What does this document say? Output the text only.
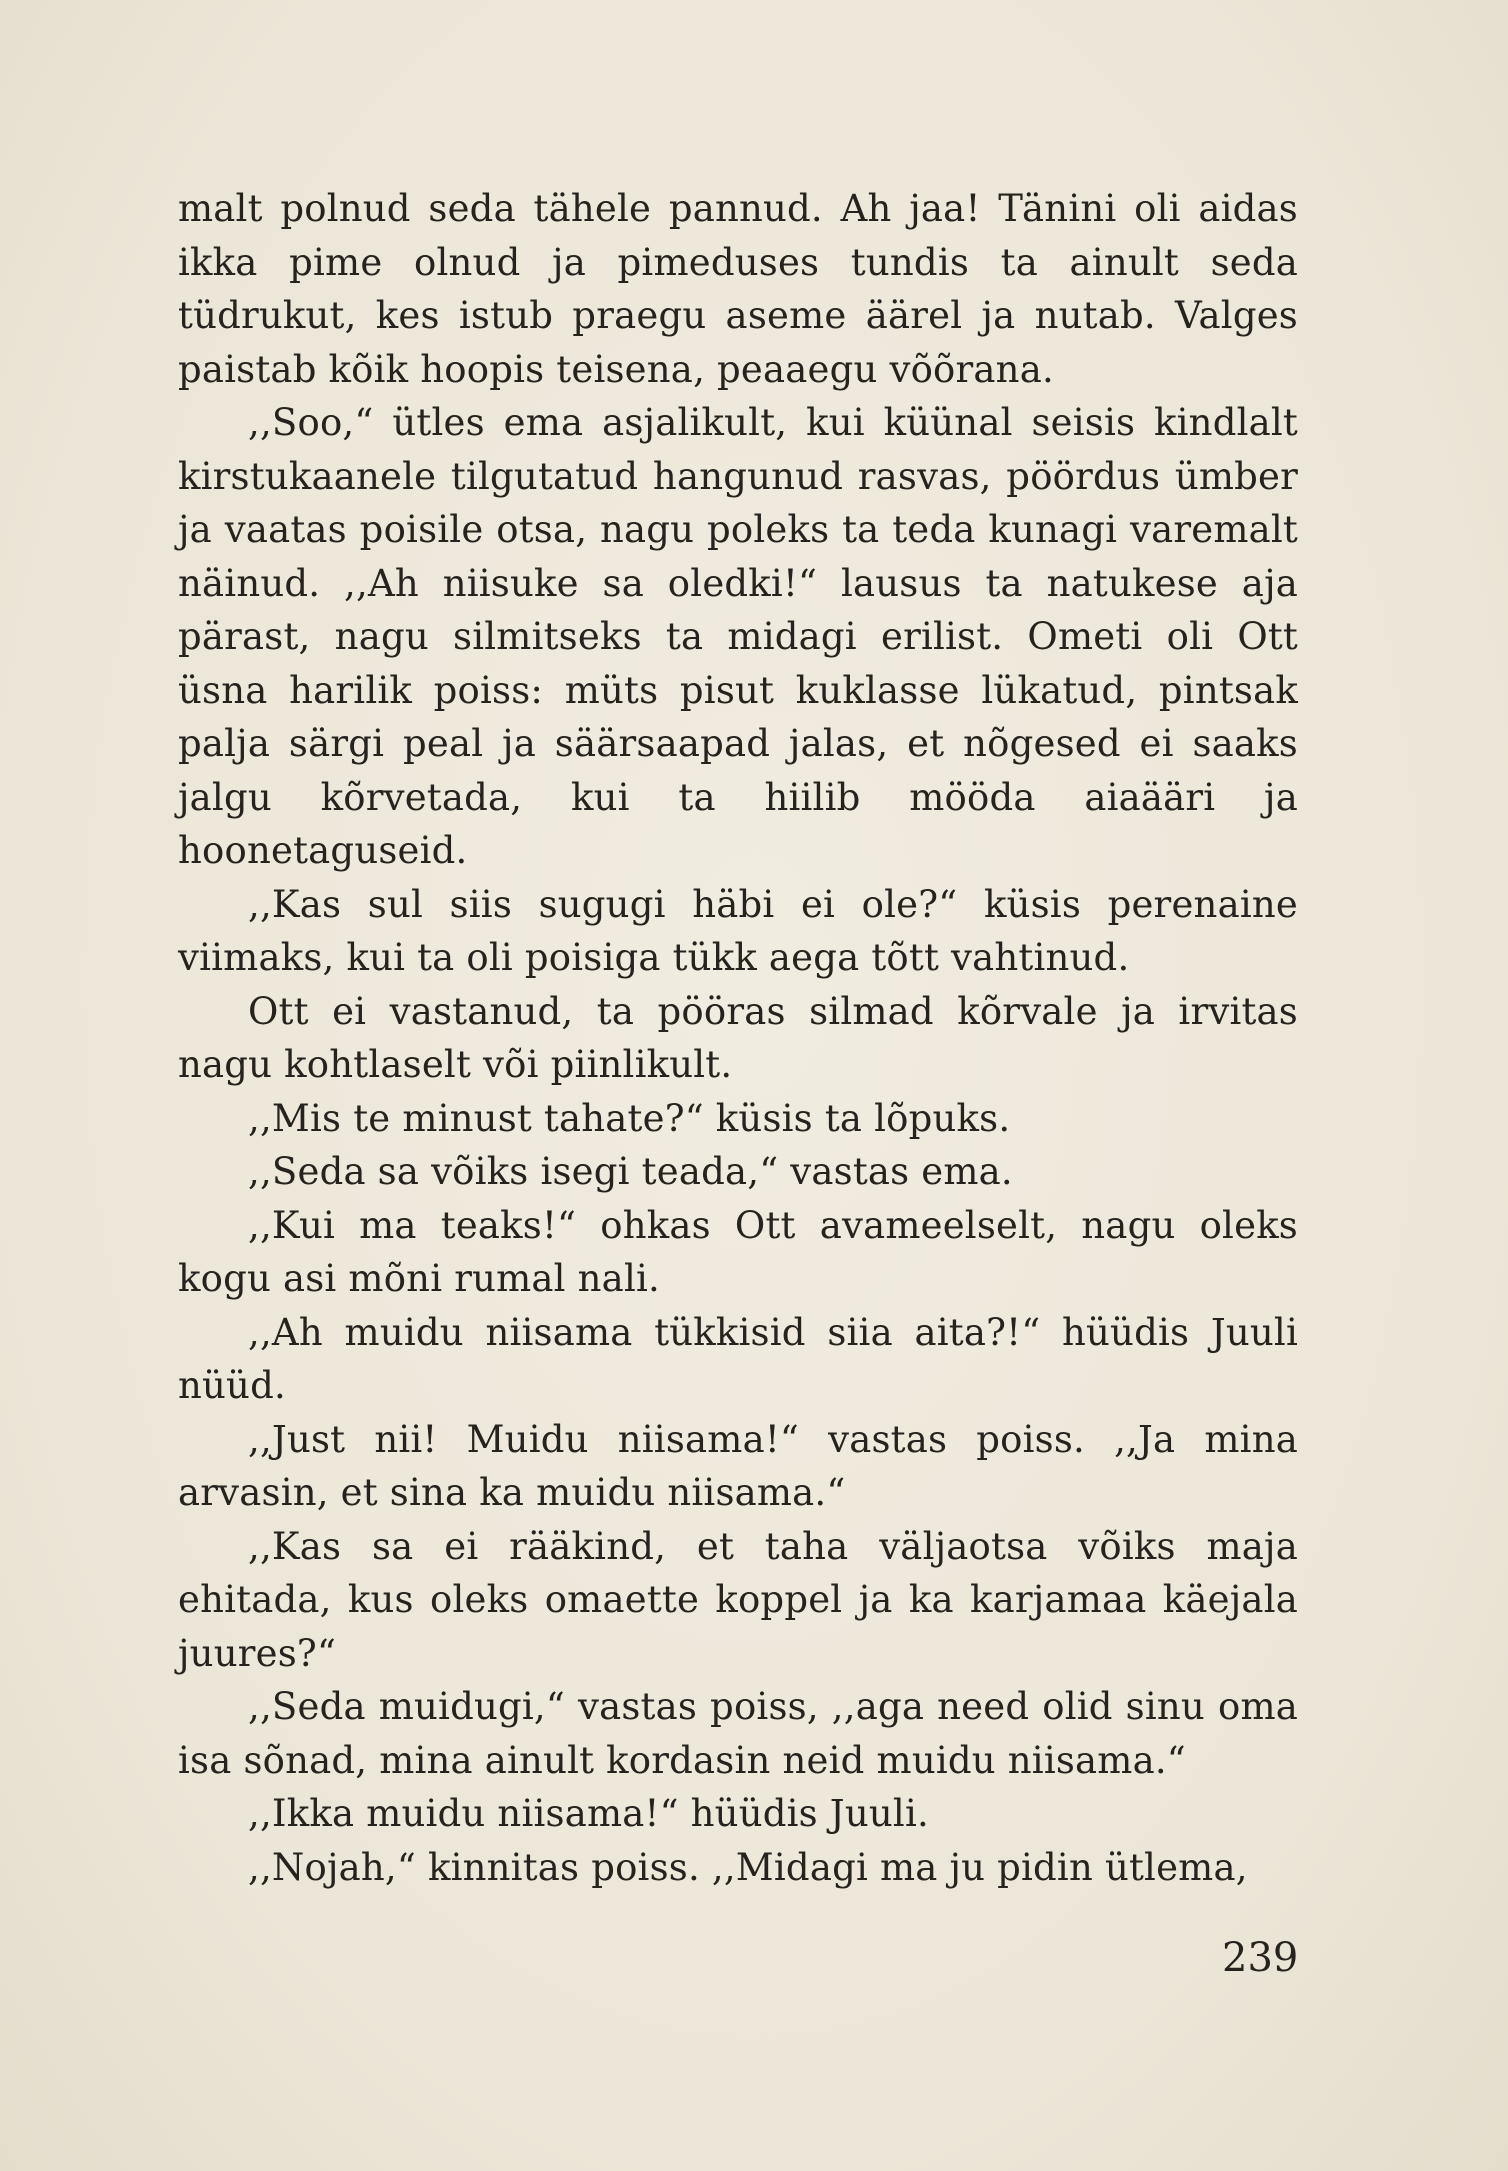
malt polnud seda tähele pannud. Ah jaa! Tänini oli aidas ikka pime olnud ja pimeduses tundis ta ainult seda tüdrukut, kes istub praegu aseme äärel ja nutab. Valges paistab kõik hoopis teisena, peaaegu võõrana.

,,Soo,“ ütles ema asjalikult, kui küünal seisis kindlalt kirstukaanele tilgutatud hangunud rasvas, pöördus ümber ja vaatas poisile otsa, nagu poleks ta teda kunagi varemalt näinud. ,,Ah niisuke sa oledki!“ lausus ta natukese aja pärast, nagu silmitseks ta midagi erilist. Ometi oli Ott üsna harilik poiss: müts pisut kuklasse lükatud, pintsak palja särgi peal ja säärsaapad jalas, et nõgesed ei saaks jalgu kõrvetada, kui ta hiilib mööda aiaääri ja hoonetaguseid.

,,Kas sul siis sugugi häbi ei ole?“ küsis perenaine viimaks, kui ta oli poisiga tükk aega tõtt vahtinud.

Ott ei vastanud, ta pööras silmad kõrvale ja irvitas nagu kohtlaselt või piinlikult.

,,Mis te minust tahate?“ küsis ta lõpuks.

,,Seda sa võiks isegi teada,“ vastas ema.

,,Kui ma teaks!“ ohkas Ott avameelselt, nagu oleks kogu asi mõni rumal nali.

,,Ah muidu niisama tükkisid siia aita?!“ hüüdis Juuli nüüd.

,,Just nii! Muidu niisama!“ vastas poiss. ,,Ja mina arvasin, et sina ka muidu niisama.“

,,Kas sa ei rääkind, et taha väljaotsa võiks maja ehitada, kus oleks omaette koppel ja ka karjamaa käejala juures?“

,,Seda muidugi,“ vastas poiss, ,,aga need olid sinu oma isa sõnad, mina ainult kordasin neid muidu niisama.“

,,Ikka muidu niisama!“ hüüdis Juuli.

,,Nojah,“ kinnitas poiss. ,,Midagi ma ju pidin ütlema,

239
